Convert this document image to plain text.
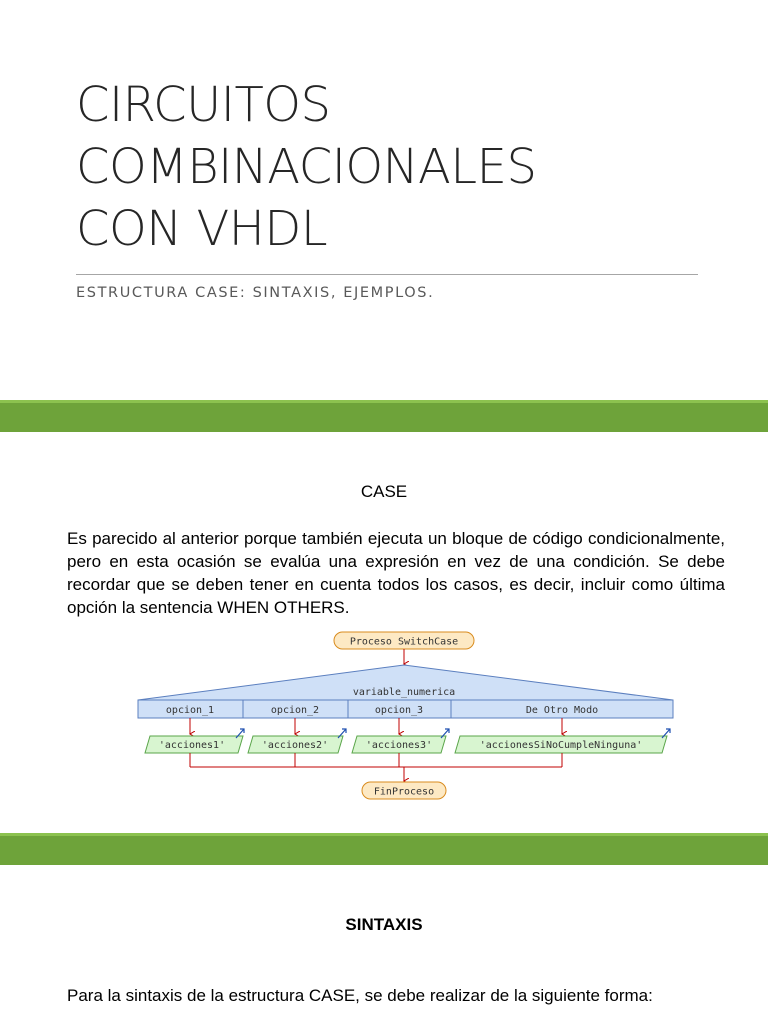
CIRCUITOS
COMBINACIONALES
CON VHDL
ESTRUCTURA CASE: SINTAXIS, EJEMPLOS.
CASE
Es parecido al anterior porque también ejecuta un bloque de código condicionalmente, pero en esta ocasión se evalúa una expresión en vez de una condición. Se debe recordar que se deben tener en cuenta todos los casos, es decir, incluir como última opción la sentencia WHEN OTHERS.
Proceso SwitchCase
variable_numerica
opcion_1	opcion_2	opcion_3	De Otro Modo
'acciones1'	'acciones2'	'acciones3'	'accionesSiNoCumpleNinguna'
FinProceso
SINTAXIS
Para la sintaxis de la estructura CASE, se debe realizar de la siguiente forma:
